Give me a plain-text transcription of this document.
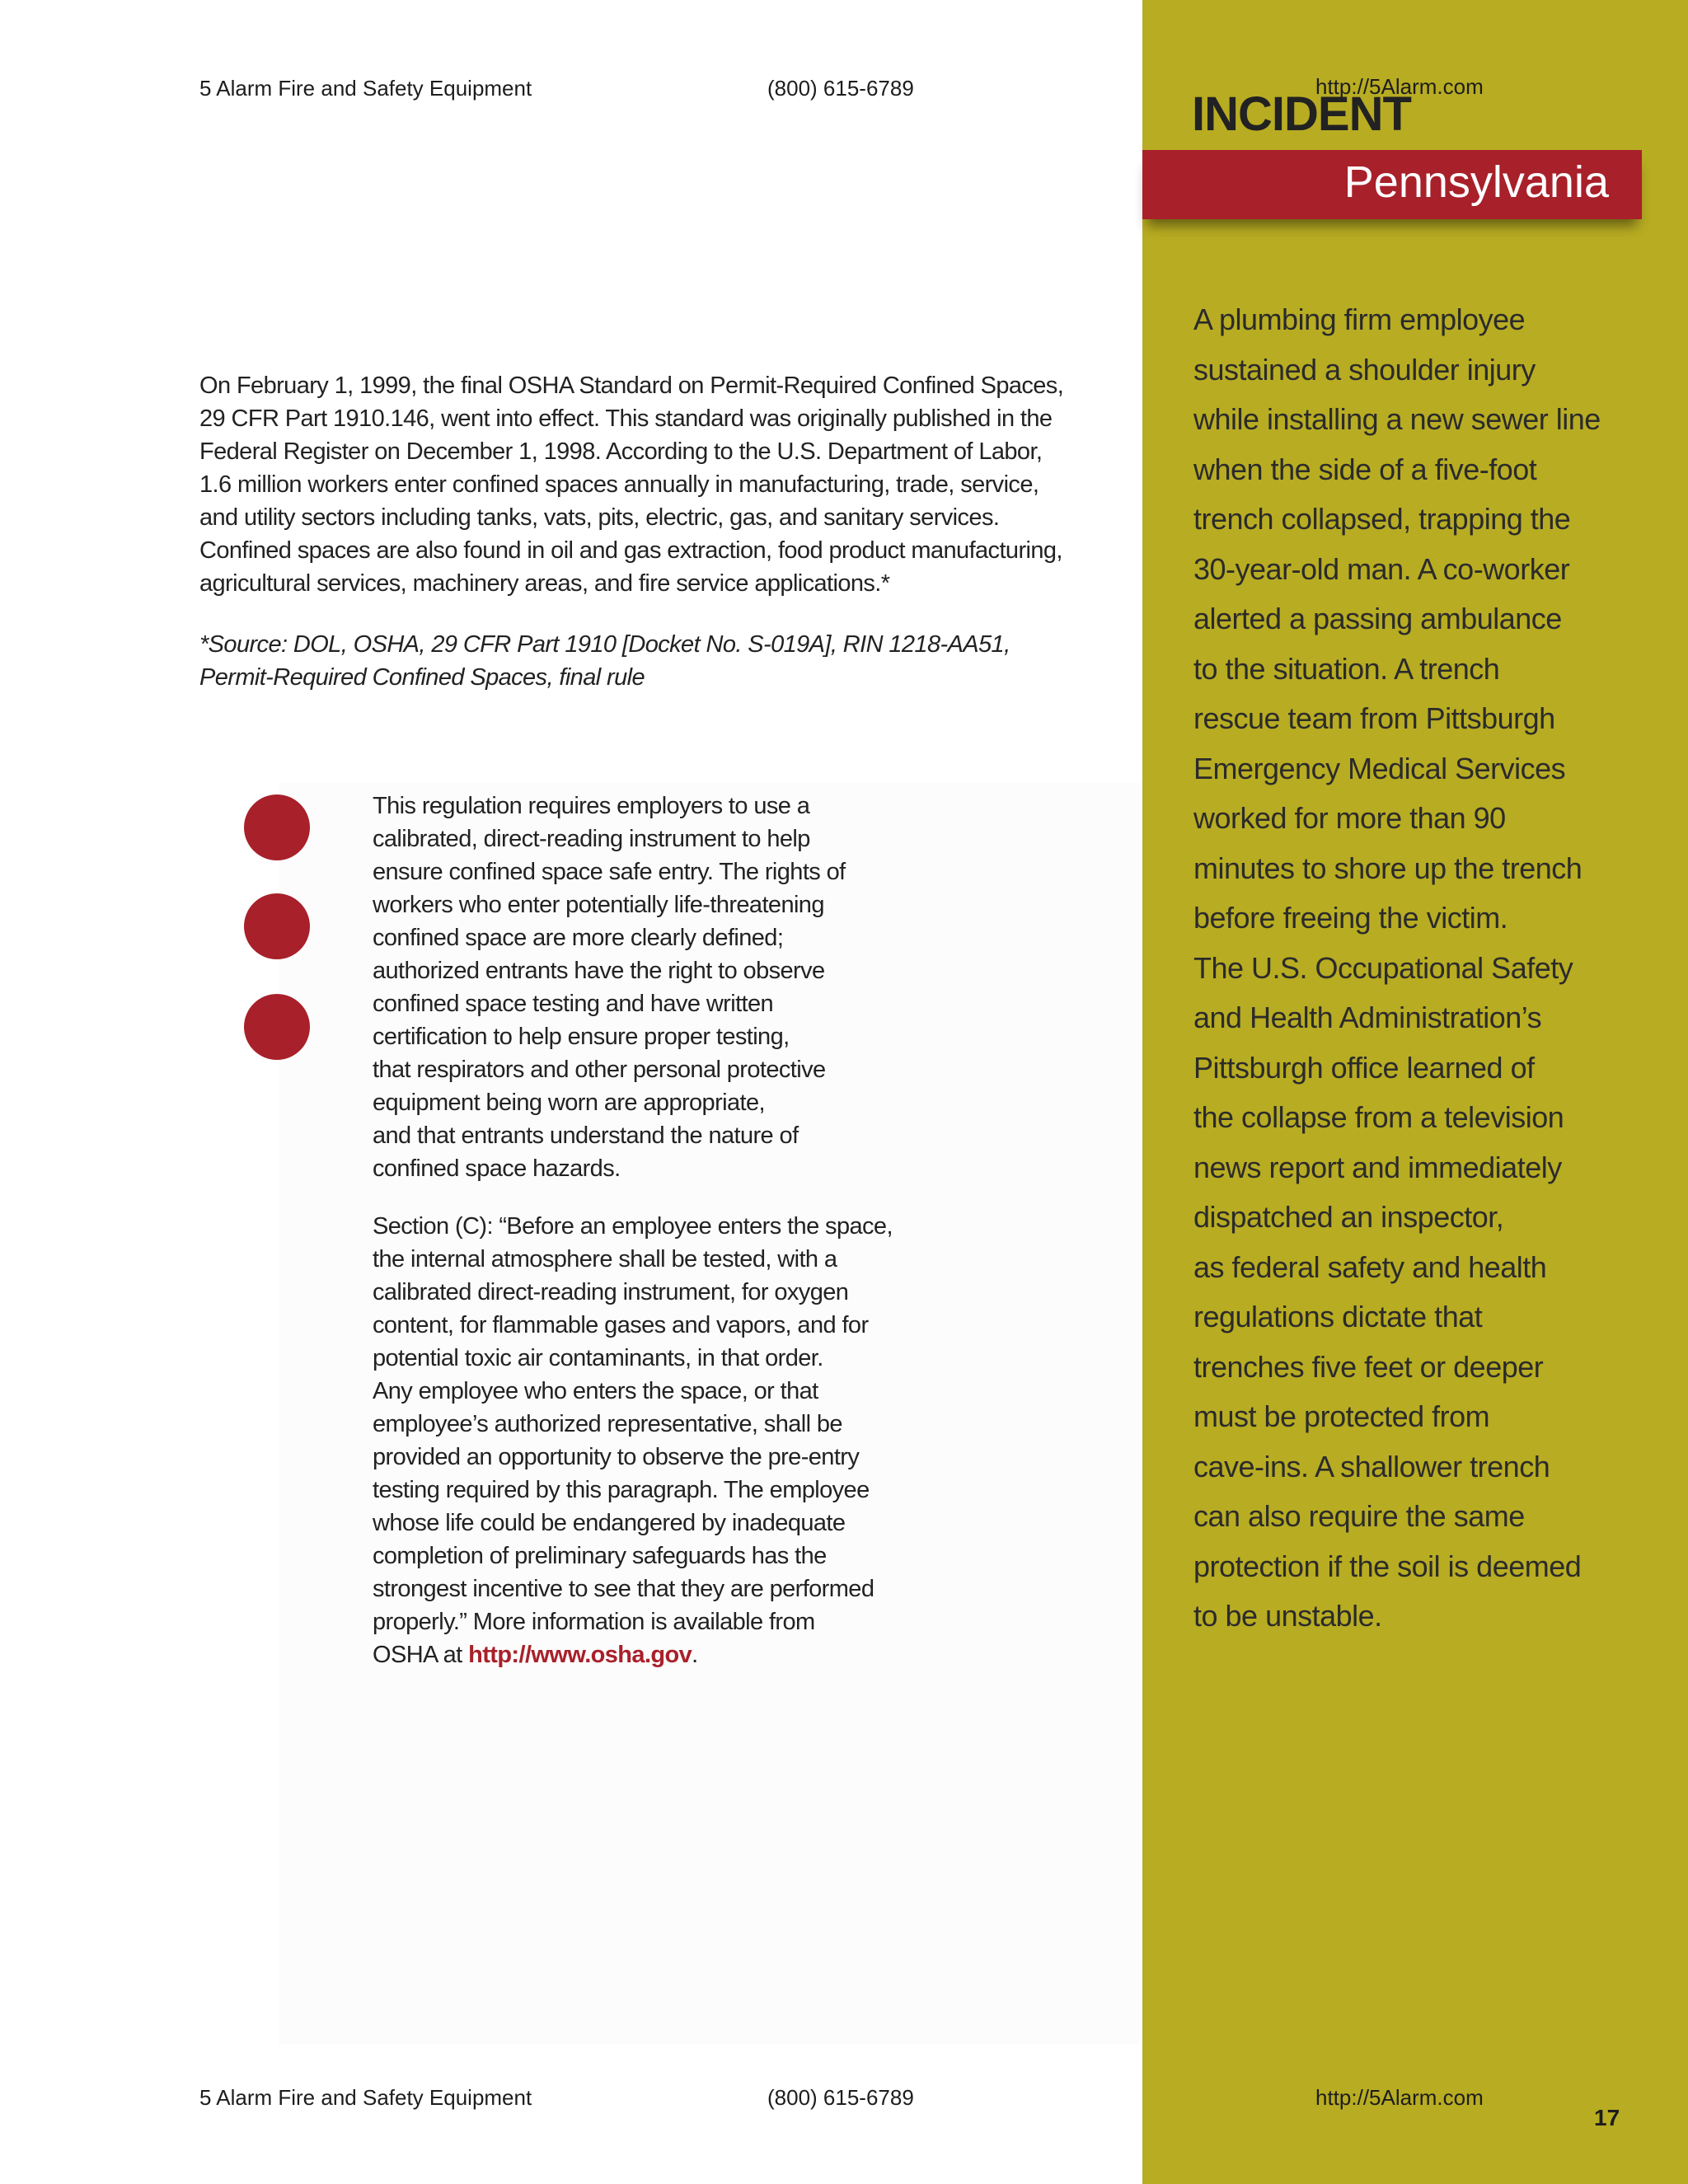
5 Alarm Fire and Safety Equipment	(800) 615-6789	http://5Alarm.com
INCIDENT
Pennsylvania

A plumbing firm employee

sustained a shoulder injury

while installing a new sewer line

when the side of a five-foot

trench collapsed, trapping the

30-year-old man. A co-worker

alerted a passing ambulance

to the situation. A trench

rescue team from Pittsburgh

Emergency Medical Services

worked for more than 90

minutes to shore up the trench

before freeing the victim.

The U.S. Occupational Safety

and Health Administration’s

Pittsburgh office learned of

the collapse from a television

news report and immediately

dispatched an inspector,

as federal safety and health

regulations dictate that

trenches five feet or deeper

must be protected from

cave-ins. A shallower trench

can also require the same

protection if the soil is deemed

to be unstable.

On February 1, 1999, the final OSHA Standard on Permit-Required Confined Spaces,
29 CFR Part 1910.146, went into effect. This standard was originally published in the
Federal Register on December 1, 1998. According to the U.S. Department of Labor,
1.6 million workers enter confined spaces annually in manufacturing, trade, service,
and utility sectors including tanks, vats, pits, electric, gas, and sanitary services.
Confined spaces are also found in oil and gas extraction, food product manufacturing,
agricultural services, machinery areas, and fire service applications.*
*Source: DOL, OSHA, 29 CFR Part 1910 [Docket No. S-019A], RIN 1218-AA51,
Permit-Required Confined Spaces, final rule

This regulation requires employers to use a
calibrated, direct-reading instrument to help
ensure confined space safe entry. The rights of
workers who enter potentially life-threatening
confined space are more clearly defined;
authorized entrants have the right to observe
confined space testing and have written
certification to help ensure proper testing,
that respirators and other personal protective
equipment being worn are appropriate,
and that entrants understand the nature of
confined space hazards.

Section (C): “Before an employee enters the space,
the internal atmosphere shall be tested, with a
calibrated direct-reading instrument, for oxygen
content, for flammable gases and vapors, and for
potential toxic air contaminants, in that order.
Any employee who enters the space, or that
employee’s authorized representative, shall be
provided an opportunity to observe the pre-entry
testing required by this paragraph. The employee
whose life could be endangered by inadequate
completion of preliminary safeguards has the
strongest incentive to see that they are performed
properly.” More information is available from
OSHA at http://www.osha.gov.

5 Alarm Fire and Safety Equipment	(800) 615-6789	http://5Alarm.com
17
